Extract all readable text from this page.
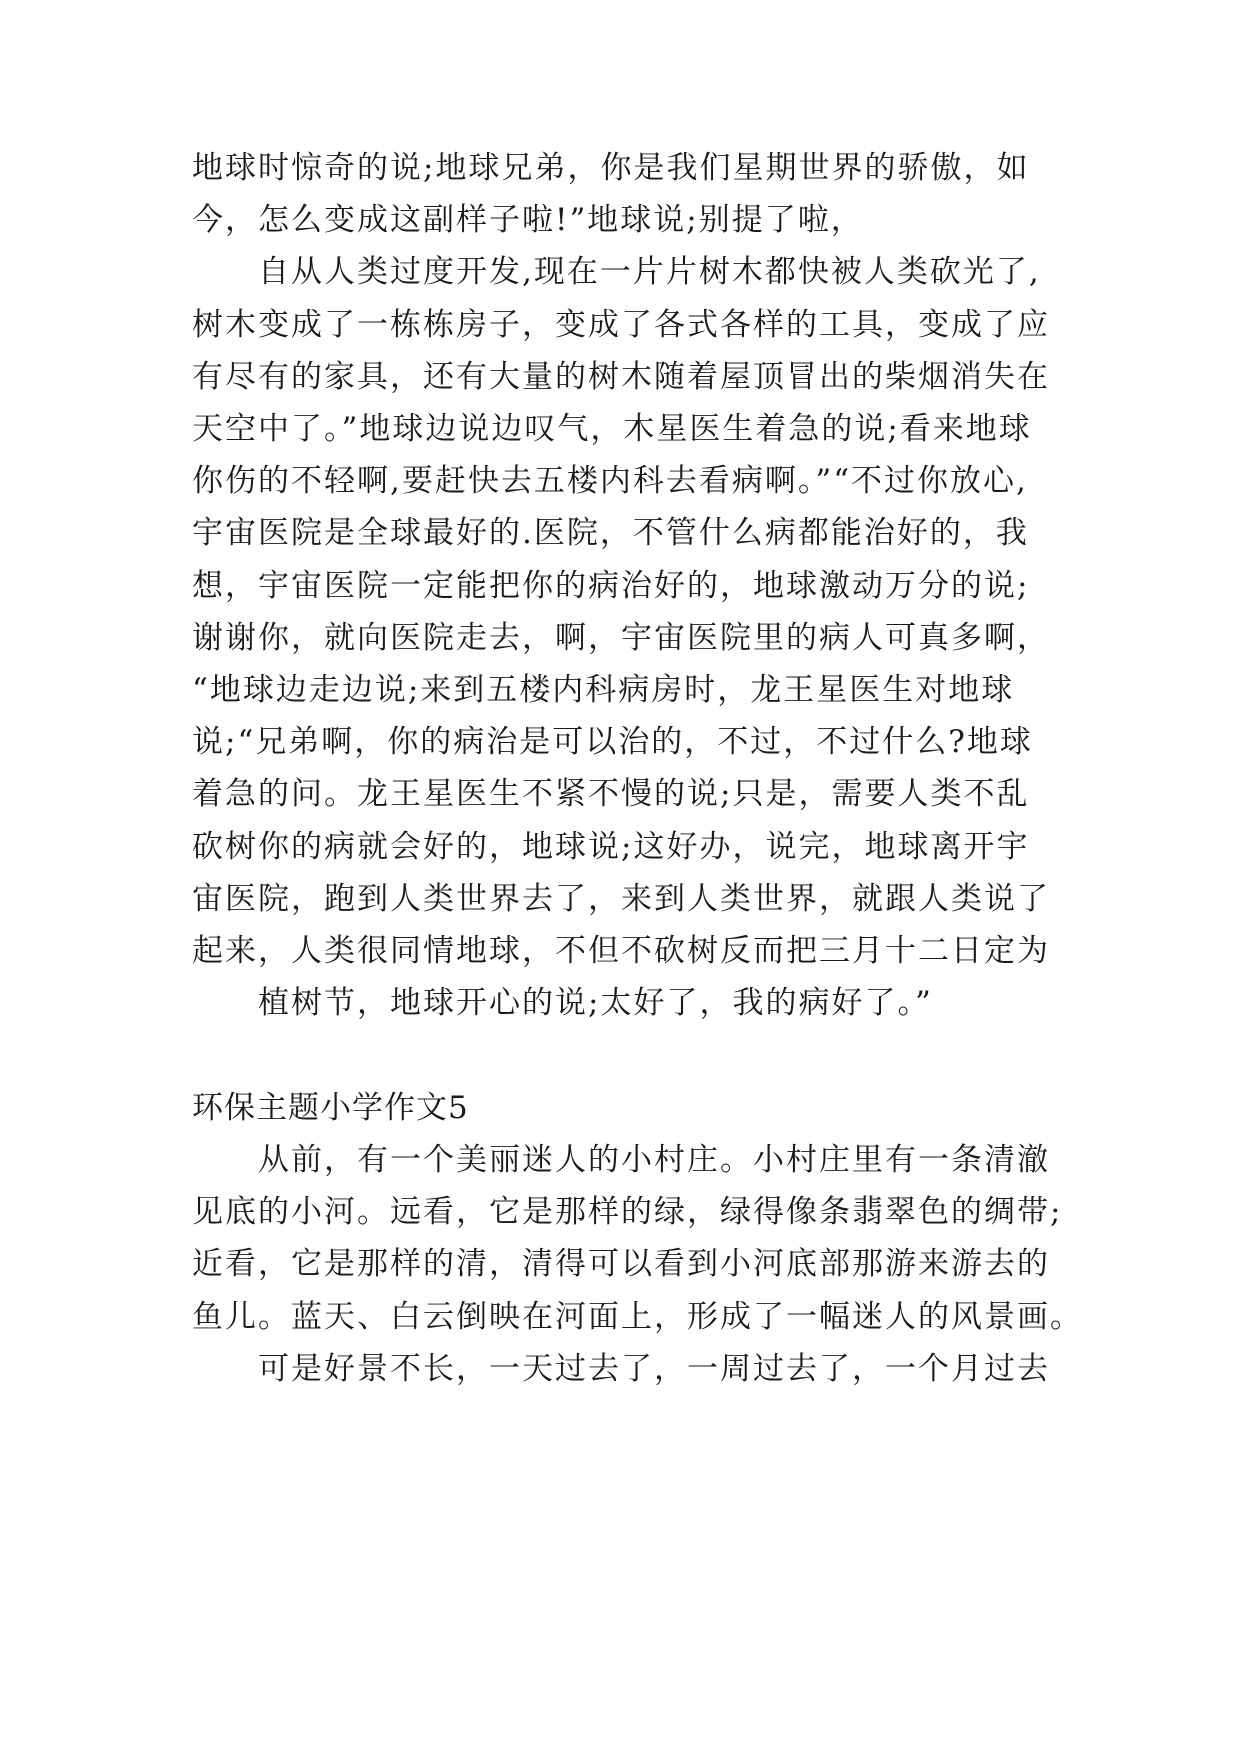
地球时惊奇的说;地球兄弟，你是我们星期世界的骄傲，如
今，怎么变成这副样子啦!”地球说;别提了啦，
自从人类过度开发,现在一片片树木都快被人类砍光了,
树木变成了一栋栋房子，变成了各式各样的工具，变成了应
有尽有的家具，还有大量的树木随着屋顶冒出的柴烟消失在
天空中了。”地球边说边叹气，木星医生着急的说;看来地球
你伤的不轻啊,要赶快去五楼内科去看病啊。”“不过你放心,
宇宙医院是全球最好的.医院，不管什么病都能治好的，我
想，宇宙医院一定能把你的病治好的，地球激动万分的说;
谢谢你，就向医院走去，啊，宇宙医院里的病人可真多啊，
“地球边走边说;来到五楼内科病房时，龙王星医生对地球
说;“兄弟啊，你的病治是可以治的，不过，不过什么?地球
着急的问。龙王星医生不紧不慢的说;只是，需要人类不乱
砍树你的病就会好的，地球说;这好办，说完，地球离开宇
宙医院，跑到人类世界去了，来到人类世界，就跟人类说了
起来，人类很同情地球，不但不砍树反而把三月十二日定为
植树节，地球开心的说;太好了，我的病好了。”
环保主题小学作文5
从前，有一个美丽迷人的小村庄。小村庄里有一条清澈
见底的小河。远看，它是那样的绿，绿得像条翡翠色的绸带;
近看，它是那样的清，清得可以看到小河底部那游来游去的
鱼儿。蓝天、白云倒映在河面上，形成了一幅迷人的风景画。
可是好景不长，一天过去了，一周过去了，一个月过去
